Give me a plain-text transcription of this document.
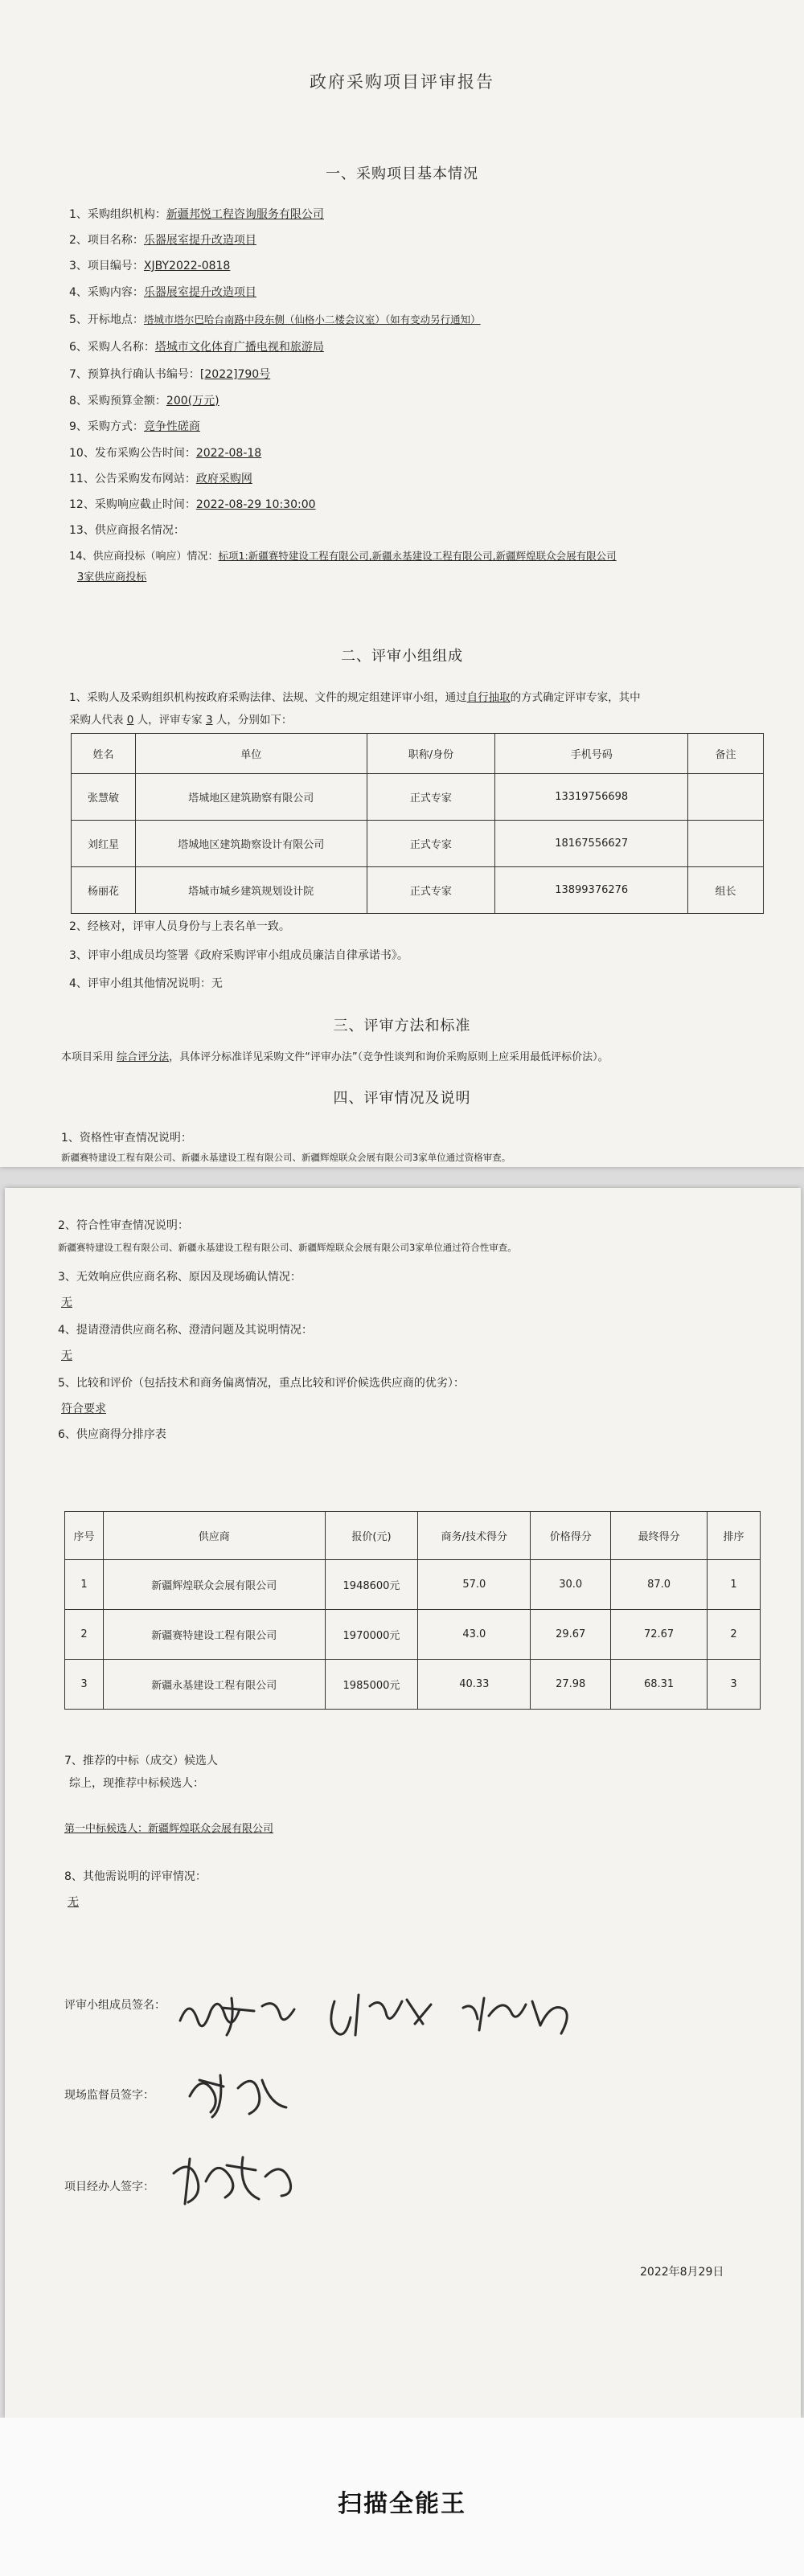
政府采购项目评审报告
一、采购项目基本情况
1、采购组织机构：新疆邦悦工程咨询服务有限公司
2、项目名称：乐器展室提升改造项目
3、项目编号：XJBY2022-0818
4、采购内容：乐器展室提升改造项目
5、开标地点：塔城市塔尔巴哈台南路中段东侧（仙格小二楼会议室）（如有变动另行通知）
6、采购人名称：塔城市文化体育广播电视和旅游局
7、预算执行确认书编号：[2022]790号
8、采购预算金额：200(万元)
9、采购方式：竞争性磋商
10、发布采购公告时间：2022-08-18
11、公告采购发布网站：政府采购网
12、采购响应截止时间：2022-08-29 10:30:00
13、供应商报名情况：
14、供应商投标（响应）情况：标项1:新疆赛特建设工程有限公司,新疆永基建设工程有限公司,新疆辉煌联众会展有限公司
3家供应商投标
二、评审小组组成
1、采购人及采购组织机构按政府采购法律、法规、文件的规定组建评审小组，通过自行抽取的方式确定评审专家，其中
采购人代表 0 人，评审专家 3 人，分别如下：
姓名	单位	职称/身份	手机号码	备注
张慧敏	塔城地区建筑勘察有限公司	正式专家	13319756698	
刘红星	塔城地区建筑勘察设计有限公司	正式专家	18167556627	
杨丽花	塔城市城乡建筑规划设计院	正式专家	13899376276	组长
2、经核对，评审人员身份与上表名单一致。
3、评审小组成员均签署《政府采购评审小组成员廉洁自律承诺书》。
4、评审小组其他情况说明：无
三、评审方法和标准
本项目采用 综合评分法，具体评分标准详见采购文件“评审办法”（竞争性谈判和询价采购原则上应采用最低评标价法）。
四、评审情况及说明
1、资格性审查情况说明：
新疆赛特建设工程有限公司、新疆永基建设工程有限公司、新疆辉煌联众会展有限公司3家单位通过资格审查。
2、符合性审查情况说明：
新疆赛特建设工程有限公司、新疆永基建设工程有限公司、新疆辉煌联众会展有限公司3家单位通过符合性审查。
3、无效响应供应商名称、原因及现场确认情况：
无
4、提请澄清供应商名称、澄清问题及其说明情况：
无
5、比较和评价（包括技术和商务偏离情况，重点比较和评价候选供应商的优劣）：
符合要求
6、供应商得分排序表
序号	供应商	报价(元)	商务/技术得分	价格得分	最终得分	排序
1	新疆辉煌联众会展有限公司	1948600元	57.0	30.0	87.0	1
2	新疆赛特建设工程有限公司	1970000元	43.0	29.67	72.67	2
3	新疆永基建设工程有限公司	1985000元	40.33	27.98	68.31	3
7、推荐的中标（成交）候选人
综上，现推荐中标候选人：
第一中标候选人：新疆辉煌联众会展有限公司
8、其他需说明的评审情况：
无
评审小组成员签名：
现场监督员签字：
项目经办人签字：
2022年8月29日
扫描全能王
